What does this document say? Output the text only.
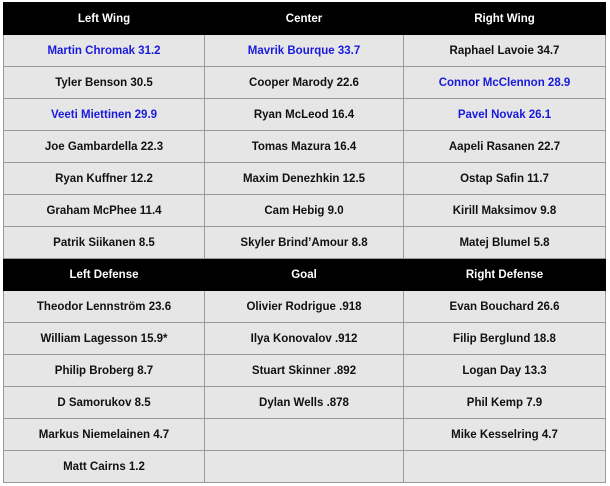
Left Wing	Center	Right Wing
Martin Chromak 31.2	Mavrik Bourque 33.7	Raphael Lavoie 34.7
Tyler Benson 30.5	Cooper Marody 22.6	Connor McClennon 28.9
Veeti Miettinen 29.9	Ryan McLeod 16.4	Pavel Novak 26.1
Joe Gambardella 22.3	Tomas Mazura 16.4	Aapeli Rasanen 22.7
Ryan Kuffner 12.2	Maxim Denezhkin 12.5	Ostap Safin 11.7
Graham McPhee 11.4	Cam Hebig 9.0	Kirill Maksimov 9.8
Patrik Siikanen 8.5	Skyler Brind’Amour 8.8	Matej Blumel 5.8
Left Defense	Goal	Right Defense
Theodor Lennström 23.6	Olivier Rodrigue .918	Evan Bouchard 26.6
William Lagesson 15.9*	Ilya Konovalov .912	Filip Berglund 18.8
Philip Broberg 8.7	Stuart Skinner .892	Logan Day 13.3
D Samorukov 8.5	Dylan Wells .878	Phil Kemp 7.9
Markus Niemelainen 4.7		Mike Kesselring 4.7
Matt Cairns 1.2		
